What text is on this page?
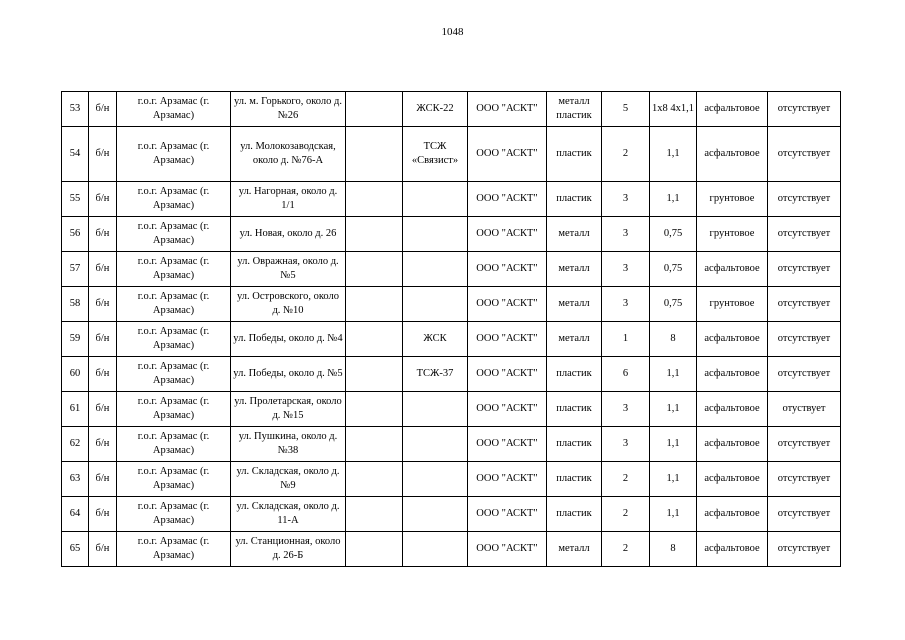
1048
53	б/н	г.о.г. Арзамас (г. Арзамас)	ул. м. Горького, около д. №26		ЖСК-22	ООО "АСКТ"	металл пластик	5	1х8 4х1,1	асфальтовое	отсутствует
54	б/н	г.о.г. Арзамас (г. Арзамас)	ул. Молокозаводская, около д. №76-А		ТСЖ «Связист»	ООО "АСКТ"	пластик	2	1,1	асфальтовое	отсутствует
55	б/н	г.о.г. Арзамас (г. Арзамас)	ул. Нагорная, около д. 1/1			ООО "АСКТ"	пластик	3	1,1	грунтовое	отсутствует
56	б/н	г.о.г. Арзамас (г. Арзамас)	ул. Новая, около д. 26			ООО "АСКТ"	металл	3	0,75	грунтовое	отсутствует
57	б/н	г.о.г. Арзамас (г. Арзамас)	ул. Овражная, около д. №5			ООО "АСКТ"	металл	3	0,75	асфальтовое	отсутствует
58	б/н	г.о.г. Арзамас (г. Арзамас)	ул. Островского, около д. №10			ООО "АСКТ"	металл	3	0,75	грунтовое	отсутствует
59	б/н	г.о.г. Арзамас (г. Арзамас)	ул. Победы, около д. №4		ЖСК	ООО "АСКТ"	металл	1	8	асфальтовое	отсутствует
60	б/н	г.о.г. Арзамас (г. Арзамас)	ул. Победы, около д. №5		ТСЖ-37	ООО "АСКТ"	пластик	6	1,1	асфальтовое	отсутствует
61	б/н	г.о.г. Арзамас (г. Арзамас)	ул. Пролетарская, около д. №15			ООО "АСКТ"	пластик	3	1,1	асфальтовое	отуствует
62	б/н	г.о.г. Арзамас (г. Арзамас)	ул. Пушкина, около д. №38			ООО "АСКТ"	пластик	3	1,1	асфальтовое	отсутствует
63	б/н	г.о.г. Арзамас (г. Арзамас)	ул. Складская, около д. №9			ООО "АСКТ"	пластик	2	1,1	асфальтовое	отсутствует
64	б/н	г.о.г. Арзамас (г. Арзамас)	ул. Складская, около д. 11-А			ООО "АСКТ"	пластик	2	1,1	асфальтовое	отсутствует
65	б/н	г.о.г. Арзамас (г. Арзамас)	ул. Станционная, около д. 26-Б			ООО "АСКТ"	металл	2	8	асфальтовое	отсутствует
